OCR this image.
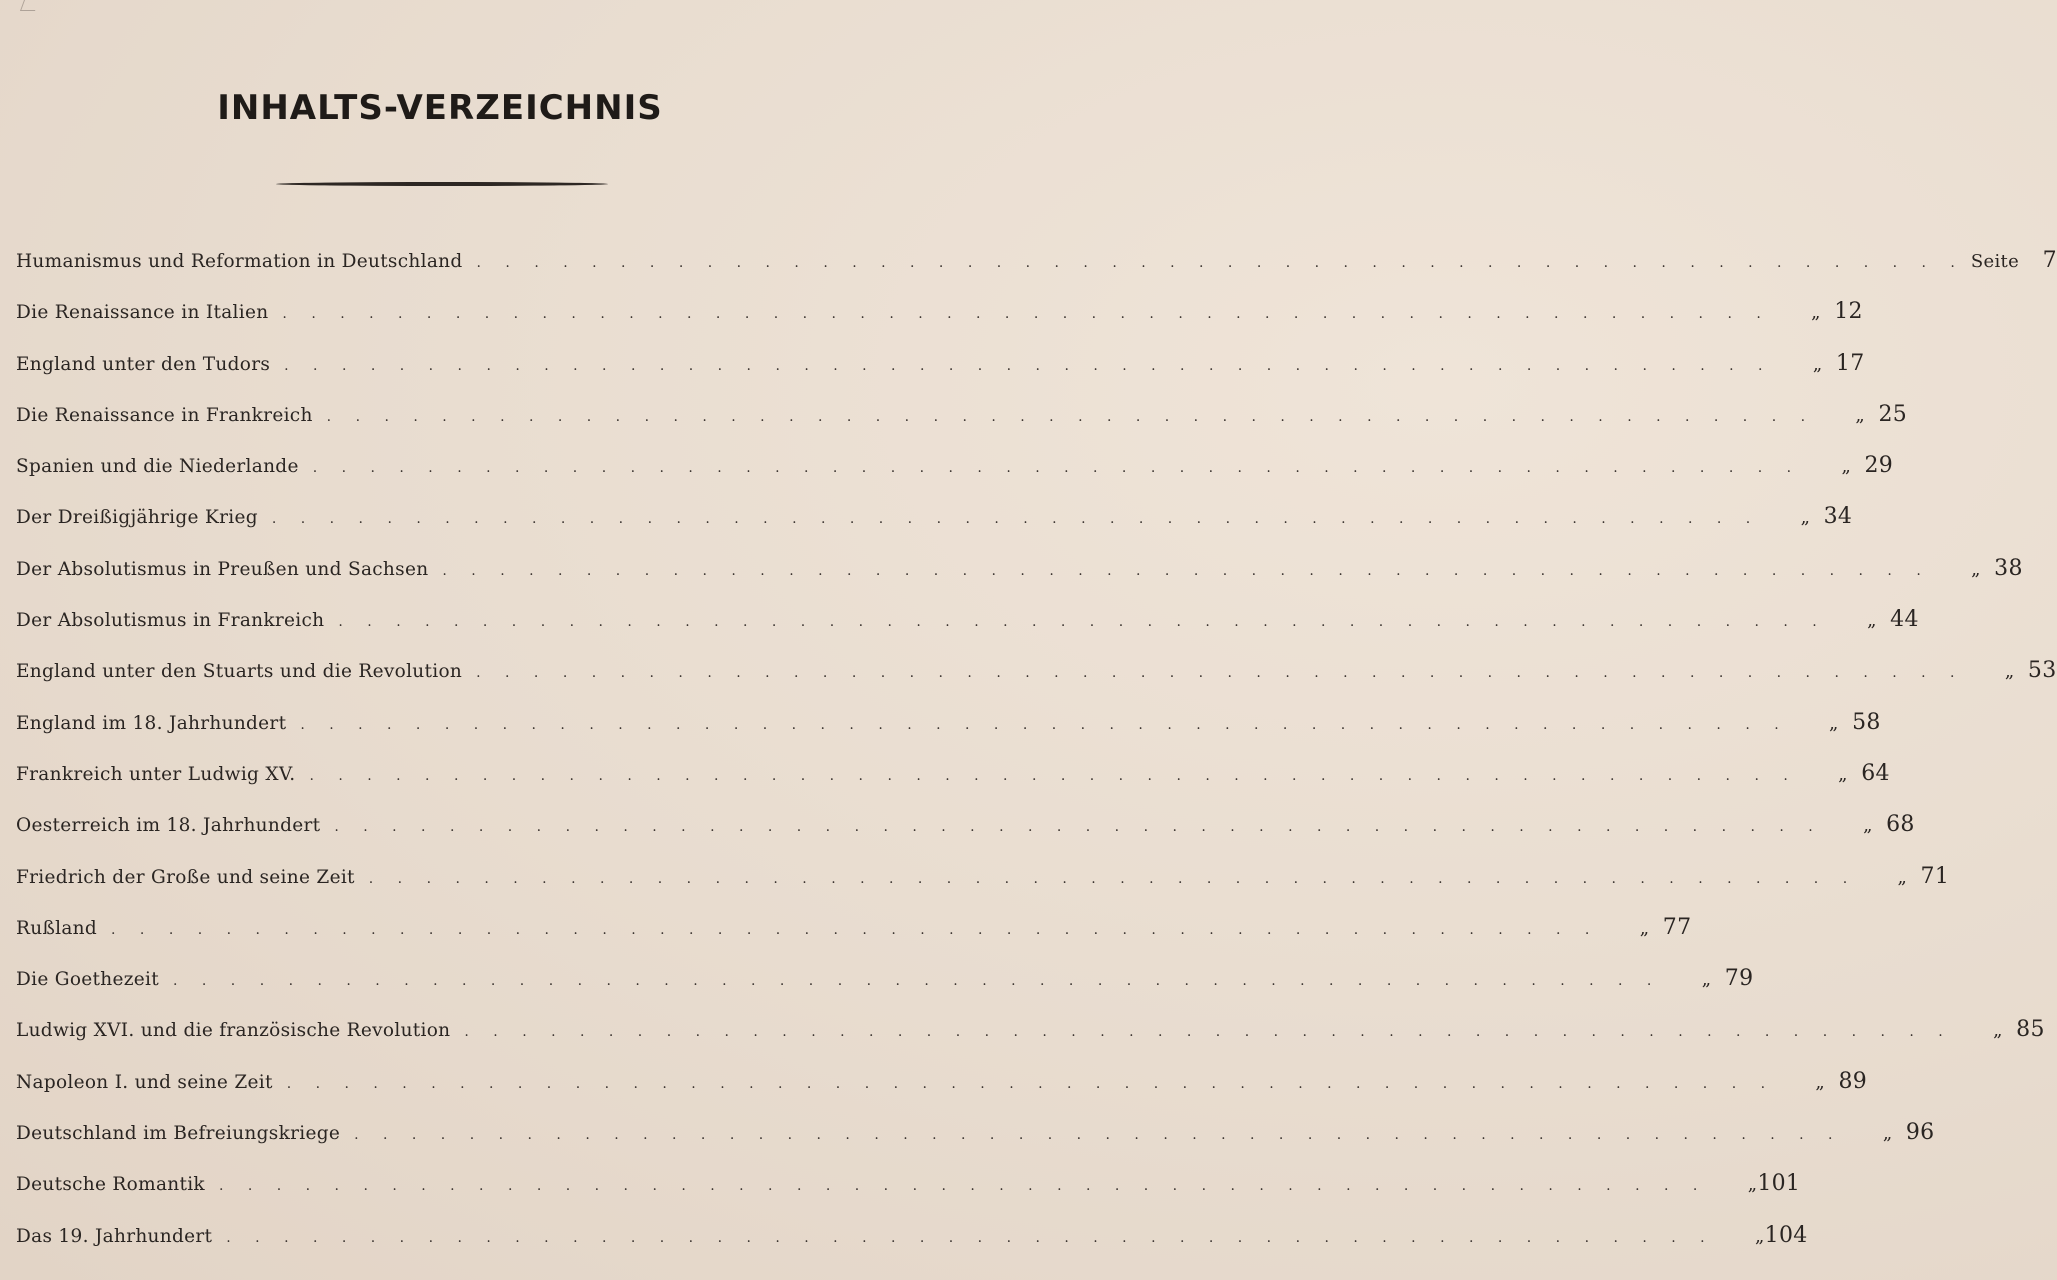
INHALTS-VERZEICHNIS
Humanismus und Reformation in Deutschland . . . . . . . . . . . . . . . . . . . . . . . . . . . . . . . . . . . . . . . . . . . . . . . . . . . . Seite	7
Die Renaissance in Italien . . . . . . . . . . . . . . . . . . . . . . . . . . . . . . . . . . . . . . . . . . . . . . . . . . . .	„ 12
England unter den Tudors . . . . . . . . . . . . . . . . . . . . . . . . . . . . . . . . . . . . . . . . . . . . . . . . . . . .	„ 17
Die Renaissance in Frankreich . . . . . . . . . . . . . . . . . . . . . . . . . . . . . . . . . . . . . . . . . . . . . . . . . . . .	„ 25
Spanien und die Niederlande . . . . . . . . . . . . . . . . . . . . . . . . . . . . . . . . . . . . . . . . . . . . . . . . . . . .	„ 29
Der Dreißigjährige Krieg . . . . . . . . . . . . . . . . . . . . . . . . . . . . . . . . . . . . . . . . . . . . . . . . . . . .	„ 34
Der Absolutismus in Preußen und Sachsen . . . . . . . . . . . . . . . . . . . . . . . . . . . . . . . . . . . . . . . . . . . . . . . . . . . .	„ 38
Der Absolutismus in Frankreich . . . . . . . . . . . . . . . . . . . . . . . . . . . . . . . . . . . . . . . . . . . . . . . . . . . .	„ 44
England unter den Stuarts und die Revolution . . . . . . . . . . . . . . . . . . . . . . . . . . . . . . . . . . . . . . . . . . . . . . . . . . . .	„ 53
England im 18. Jahrhundert . . . . . . . . . . . . . . . . . . . . . . . . . . . . . . . . . . . . . . . . . . . . . . . . . . . .	„ 58
Frankreich unter Ludwig XV. . . . . . . . . . . . . . . . . . . . . . . . . . . . . . . . . . . . . . . . . . . . . . . . . . . . .	„ 64
Oesterreich im 18. Jahrhundert . . . . . . . . . . . . . . . . . . . . . . . . . . . . . . . . . . . . . . . . . . . . . . . . . . . .	„ 68
Friedrich der Große und seine Zeit . . . . . . . . . . . . . . . . . . . . . . . . . . . . . . . . . . . . . . . . . . . . . . . . . . . .	„ 71
Rußland . . . . . . . . . . . . . . . . . . . . . . . . . . . . . . . . . . . . . . . . . . . . . . . . . . . .	„ 77
Die Goethezeit . . . . . . . . . . . . . . . . . . . . . . . . . . . . . . . . . . . . . . . . . . . . . . . . . . . .	„ 79
Ludwig XVI. und die französische Revolution . . . . . . . . . . . . . . . . . . . . . . . . . . . . . . . . . . . . . . . . . . . . . . . . . . . .	„ 85
Napoleon I. und seine Zeit . . . . . . . . . . . . . . . . . . . . . . . . . . . . . . . . . . . . . . . . . . . . . . . . . . . .	„ 89
Deutschland im Befreiungskriege . . . . . . . . . . . . . . . . . . . . . . . . . . . . . . . . . . . . . . . . . . . . . . . . . . . .	„ 96
Deutsche Romantik . . . . . . . . . . . . . . . . . . . . . . . . . . . . . . . . . . . . . . . . . . . . . . . . . . . .	„ 101
Das 19. Jahrhundert . . . . . . . . . . . . . . . . . . . . . . . . . . . . . . . . . . . . . . . . . . . . . . . . . . . .	„ 104
